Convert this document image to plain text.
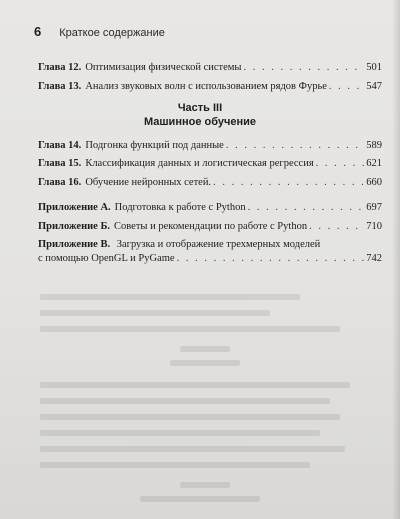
6 Краткое содержание
Глава 12. Оптимизация физической системы . . .	501
Глава 13. Анализ звуковых волн с использованием рядов Фурье . . .	547
Часть III
Машинное обучение
Глава 14. Подгонка функций под данные . . .	589
Глава 15. Классификация данных и логистическая регрессия . . .	621
Глава 16. Обучение нейронных сетей. . . .	660
Приложение А. Подготовка к работе с Python . . .	697
Приложение Б. Советы и рекомендации по работе с Python . . .	710
Приложение В. Загрузка и отображение трехмерных моделей
с помощью OpenGL и PyGame . . .	742
